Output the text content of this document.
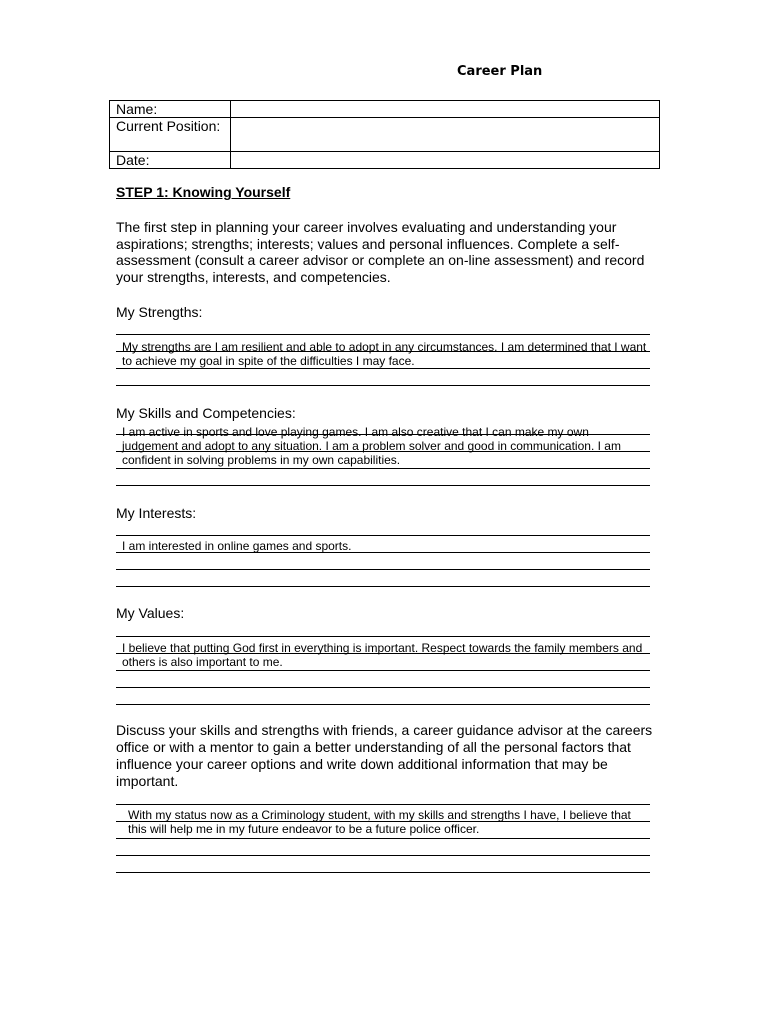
Career Plan
Name:	
Current Position:	
Date:	
STEP 1: Knowing Yourself

The first step in planning your career involves evaluating and understanding your aspirations; strengths; interests; values and personal influences. Complete a self-assessment (consult a career advisor or complete an on-line assessment) and record your strengths, interests, and competencies.

My Strengths:

My strengths are I am resilient and able to adopt in any circumstances. I am determined that I want to achieve my goal in spite of the difficulties I may face.

My Skills and Competencies:

I am active in sports and love playing games. I am also creative that I can make my own judgement and adopt to any situation. I am a problem solver and good in communication. I am confident in solving problems in my own capabilities.

My Interests:

I am interested in online games and sports.

My Values:

I believe that putting God first in everything is important. Respect towards the family members and others is also important to me.

Discuss your skills and strengths with friends, a career guidance advisor at the careers office or with a mentor to gain a better understanding of all the personal factors that influence your career options and write down additional information that may be important.

With my status now as a Criminology student, with my skills and strengths I have, I believe that this will help me in my future endeavor to be a future police officer.
